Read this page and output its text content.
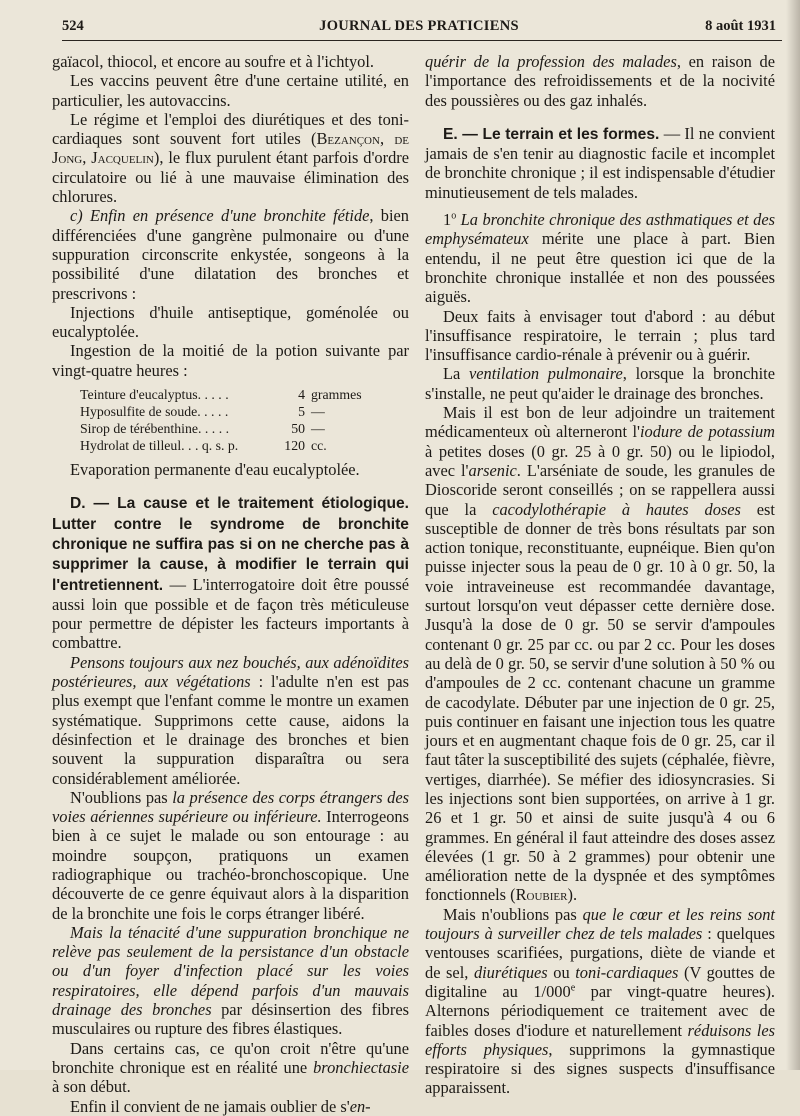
524	JOURNAL DES PRATICIENS	8 août 1931

gaïacol, thiocol, et encore au soufre et à l'ichtyol.

Les vaccins peuvent être d'une certaine utilité, en particulier, les autovaccins.

Le régime et l'emploi des diurétiques et des toni-cardiaques sont souvent fort utiles (Bezançon, de Jong, Jacquelin), le flux purulent étant parfois d'ordre circulatoire ou lié à une mauvaise élimination des chlorures.

c) Enfin en présence d'une bronchite fétide, bien différenciées d'une gangrène pulmonaire ou d'une suppuration circonscrite enkystée, songeons à la possibilité d'une dilatation des bronches et prescrivons :

Injections d'huile antiseptique, goménolée ou eucalyptolée.

Ingestion de la moitié de la potion suivante par vingt-quatre heures :

Teinture d'eucalyptus. . . . .	4	grammes
Hyposulfite de soude. . . . .	5	—
Sirop de térébenthine. . . . .	50	—
Hydrolat de tilleul. . . q. s. p.	120	cc.

Evaporation permanente d'eau eucalyptolée.

D. — La cause et le traitement étiologique. Lutter contre le syndrome de bronchite chronique ne suffira pas si on ne cherche pas à supprimer la cause, à modifier le terrain qui l'entretiennent. — L'interrogatoire doit être poussé aussi loin que possible et de façon très méticuleuse pour permettre de dépister les facteurs importants à combattre.

Pensons toujours aux nez bouchés, aux adénoïdites postérieures, aux végétations : l'adulte n'en est pas plus exempt que l'enfant comme le montre un examen systématique. Supprimons cette cause, aidons la désinfection et le drainage des bronches et bien souvent la suppuration disparaîtra ou sera considérablement améliorée.

N'oublions pas la présence des corps étrangers des voies aériennes supérieure ou inférieure. Interrogeons bien à ce sujet le malade ou son entourage : au moindre soupçon, pratiquons un examen radiographique ou trachéo-bronchoscopique. Une découverte de ce genre équivaut alors à la disparition de la bronchite une fois le corps étranger libéré.

Mais la ténacité d'une suppuration bronchique ne relève pas seulement de la persistance d'un obstacle ou d'un foyer d'infection placé sur les voies respiratoires, elle dépend parfois d'un mauvais drainage des bronches par désinsertion des fibres musculaires ou rupture des fibres élastiques.

Dans certains cas, ce qu'on croit n'être qu'une bronchite chronique est en réalité une bronchiectasie à son début.

Enfin il convient de ne jamais oublier de s'en-

quérir de la profession des malades, en raison de l'importance des refroidissements et de la nocivité des poussières ou des gaz inhalés.

E. — Le terrain et les formes. — Il ne convient jamais de s'en tenir au diagnostic facile et incomplet de bronchite chronique ; il est indispensable d'étudier minutieusement de tels malades.

1$^o$ La bronchite chronique des asthmatiques et des emphysémateux mérite une place à part. Bien entendu, il ne peut être question ici que de la bronchite chronique installée et non des poussées aiguës.

Deux faits à envisager tout d'abord : au début l'insuffisance respiratoire, le terrain ; plus tard l'insuffisance cardio-rénale à prévenir ou à guérir.

La ventilation pulmonaire, lorsque la bronchite s'installe, ne peut qu'aider le drainage des bronches.

Mais il est bon de leur adjoindre un traitement médicamenteux où alterneront l'iodure de potassium à petites doses (0 gr. 25 à 0 gr. 50) ou le lipiodol, avec l'arsenic. L'arséniate de soude, les granules de Dioscoride seront conseillés ; on se rappellera aussi que la cacodylothérapie à hautes doses est susceptible de donner de très bons résultats par son action tonique, reconstituante, eupnéique. Bien qu'on puisse injecter sous la peau de 0 gr. 10 à 0 gr. 50, la voie intraveineuse est recommandée davantage, surtout lorsqu'on veut dépasser cette dernière dose. Jusqu'à la dose de 0 gr. 50 se servir d'ampoules contenant 0 gr. 25 par cc. ou par 2 cc. Pour les doses au delà de 0 gr. 50, se servir d'une solution à 50 % ou d'ampoules de 2 cc. contenant chacune un gramme de cacodylate. Débuter par une injection de 0 gr. 25, puis continuer en faisant une injection tous les quatre jours et en augmentant chaque fois de 0 gr. 25, car il faut tâter la susceptibilité des sujets (céphalée, fièvre, vertiges, diarrhée). Se méfier des idiosyncrasies. Si les injections sont bien supportées, on arrive à 1 gr. 26 et 1 gr. 50 et ainsi de suite jusqu'à 4 ou 6 grammes. En général il faut atteindre des doses assez élevées (1 gr. 50 à 2 grammes) pour obtenir une amélioration nette de la dyspnée et des symptômes fonctionnels (Roubier).

Mais n'oublions pas que le cœur et les reins sont toujours à surveiller chez de tels malades : quelques ventouses scarifiées, purgations, diète de viande et de sel, diurétiques ou toni-cardiaques (V gouttes de digitaline au 1/000e par vingt-quatre heures). Alternons périodiquement ce traitement avec de faibles doses d'iodure et naturellement réduisons les efforts physiques, supprimons la gymnastique respiratoire si des signes suspects d'insuffisance apparaissent.
